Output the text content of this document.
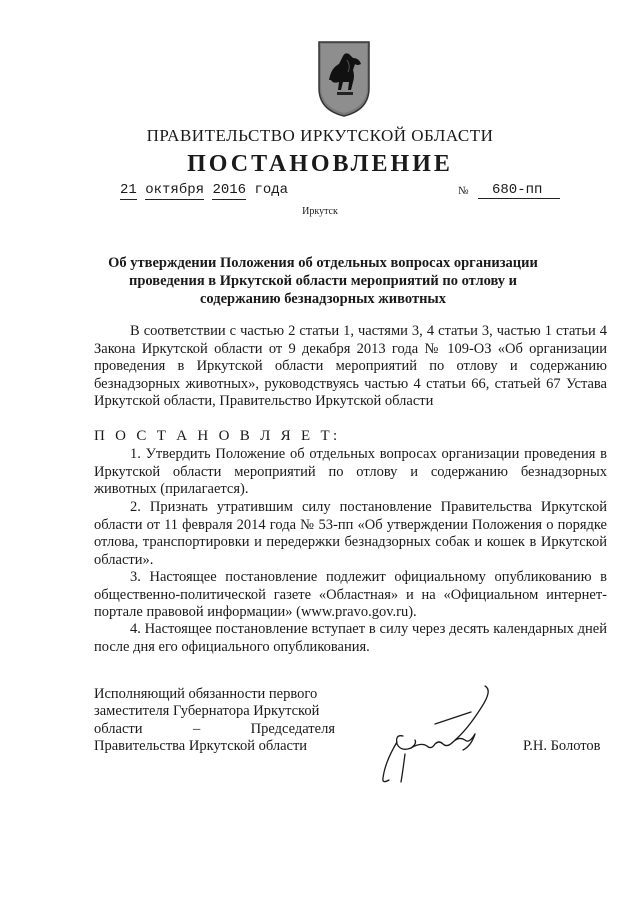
ПРАВИТЕЛЬСТВО ИРКУТСКОЙ ОБЛАСТИ
ПОСТАНОВЛЕНИЕ
21 октября 2016 года	№	680-пп
Иркутск
Об утверждении Положения об отдельных вопросах организации проведения в Иркутской области мероприятий по отлову и содержанию безнадзорных животных

В соответствии с частью 2 статьи 1, частями 3, 4 статьи 3, частью 1 статьи 4 Закона Иркутской области от 9 декабря 2013 года № 109-ОЗ «Об организации проведения в Иркутской области мероприятий по отлову и содержанию безнадзорных животных», руководствуясь частью 4 статьи 66, статьей 67 Устава Иркутской области, Правительство Иркутской области

П О С Т А Н О В Л Я Е Т:

1. Утвердить Положение об отдельных вопросах организации проведения в Иркутской области мероприятий по отлову и содержанию безнадзорных животных (прилагается).

2. Признать утратившим силу постановление Правительства Иркутской области от 11 февраля 2014 года № 53-пп «Об утверждении Положения о порядке отлова, транспортировки и передержки безнадзорных собак и кошек в Иркутской области».

3. Настоящее постановление подлежит официальному опубликованию в общественно-политической газете «Областная» и на «Официальном интернет-портале правовой информации» (www.pravo.gov.ru).

4. Настоящее постановление вступает в силу через десять календарных дней после дня его официального опубликования.

Исполняющий обязанности первого
заместителя Губернатора Иркутской
области	–	Председателя
Правительства Иркутской области	Р.Н. Болотов
